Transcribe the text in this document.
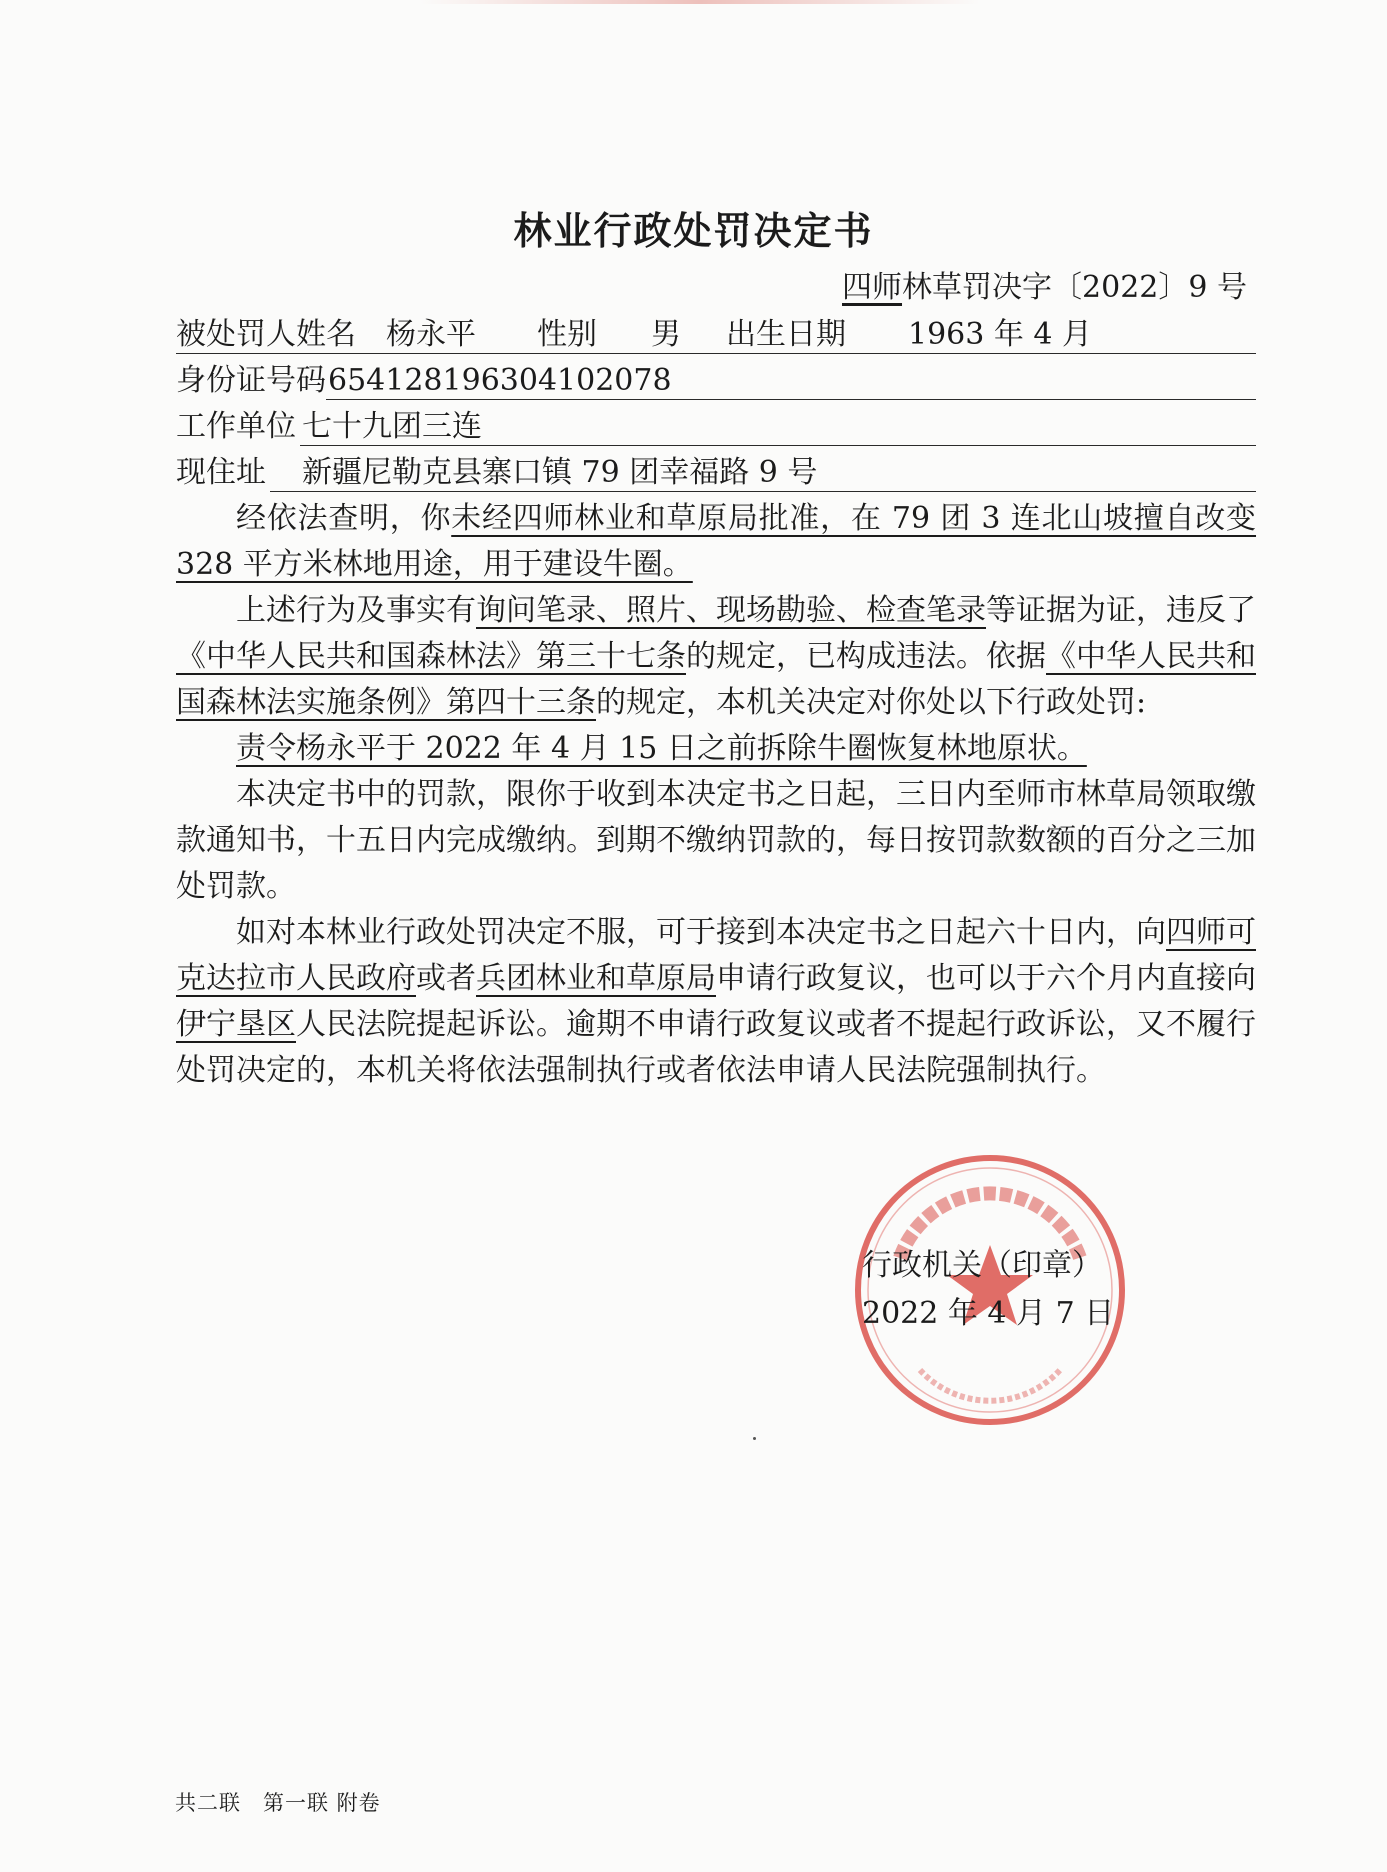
林业行政处罚决定书
四师林草罚决字〔2022〕9 号
被处罚人姓名 杨永平 性别 男 出生日期 1963 年 4 月
身份证号码 654128196304102078
工作单位 七十九团三连
现住址 新疆尼勒克县寨口镇 79 团幸福路 9 号

经依法查明，你未经四师林业和草原局批准，在 79 团 3 连北山坡擅自改变 328 平方米林地用途，用于建设牛圈。

上述行为及事实有询问笔录、照片、现场勘验、检查笔录等证据为证，违反了《中华人民共和国森林法》第三十七条的规定，已构成违法。依据《中华人民共和国森林法实施条例》第四十三条的规定，本机关决定对你处以下行政处罚:

责令杨永平于 2022 年 4 月 15 日之前拆除牛圈恢复林地原状。

本决定书中的罚款，限你于收到本决定书之日起，三日内至师市林草局领取缴款通知书，十五日内完成缴纳。到期不缴纳罚款的，每日按罚款数额的百分之三加处罚款。

如对本林业行政处罚决定不服，可于接到本决定书之日起六十日内，向四师可克达拉市人民政府或者兵团林业和草原局申请行政复议，也可以于六个月内直接向伊宁垦区人民法院提起诉讼。逾期不申请行政复议或者不提起行政诉讼，又不履行处罚决定的，本机关将依法强制执行或者依法申请人民法院强制执行。

行政机关（印章）
2022 年 4 月 7 日
共二联　第一联 附卷
